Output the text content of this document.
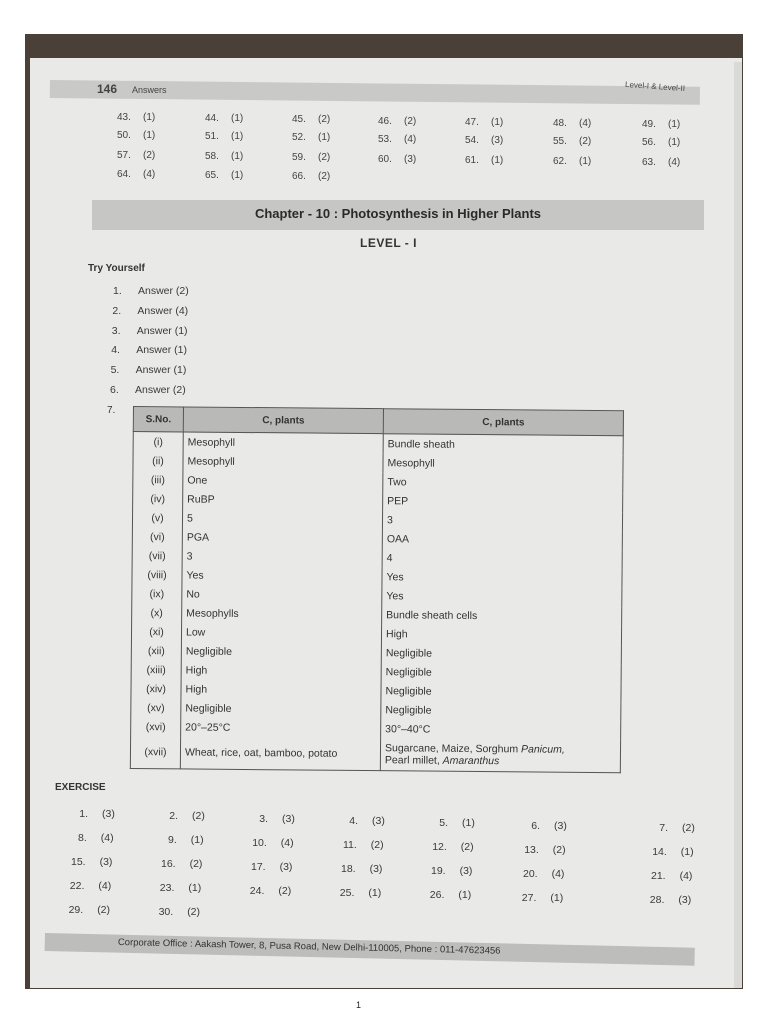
146 Answers	Level-I & Level-II
43. (1)	44. (1)	45. (2)	46. (2)	47. (1)	48. (4)	49. (1)
50. (1)	51. (1)	52. (1)	53. (4)	54. (3)	55. (2)	56. (1)
57. (2)	58. (1)	59. (2)	60. (3)	61. (1)	62. (1)	63. (4)
64. (4)	65. (1)	66. (2)
Chapter - 10 : Photosynthesis in Higher Plants
LEVEL - I
Try Yourself
1. Answer (2)
2. Answer (4)
3. Answer (1)
4. Answer (1)
5. Answer (1)
6. Answer (2)
7.
S.No.	C, plants	C, plants
(i)	Mesophyll	Bundle sheath
(ii)	Mesophyll	Mesophyll
(iii)	One	Two
(iv)	RuBP	PEP
(v)	5	3
(vi)	PGA	OAA
(vii)	3	4
(viii)	Yes	Yes
(ix)	No	Yes
(x)	Mesophylls	Bundle sheath cells
(xi)	Low	High
(xii)	Negligible	Negligible
(xiii)	High	Negligible
(xiv)	High	Negligible
(xv)	Negligible	Negligible
(xvi)	20°–25°C	30°–40°C
(xvii)	Wheat, rice, oat, bamboo, potato	Sugarcane, Maize, Sorghum Panicum,
Pearl millet, Amaranthus
EXERCISE
1. (3)	2. (2)	3. (3)	4. (3)	5. (1)	6. (3)	7. (2)
8. (4)	9. (1)	10. (4)	11. (2)	12. (2)	13. (2)	14. (1)
15. (3)	16. (2)	17. (3)	18. (3)	19. (3)	20. (4)	21. (4)
22. (4)	23. (1)	24. (2)	25. (1)	26. (1)	27. (1)	28. (3)
29. (2)	30. (2)
Corporate Office : Aakash Tower, 8, Pusa Road, New Delhi-110005, Phone : 011-47623456
1
